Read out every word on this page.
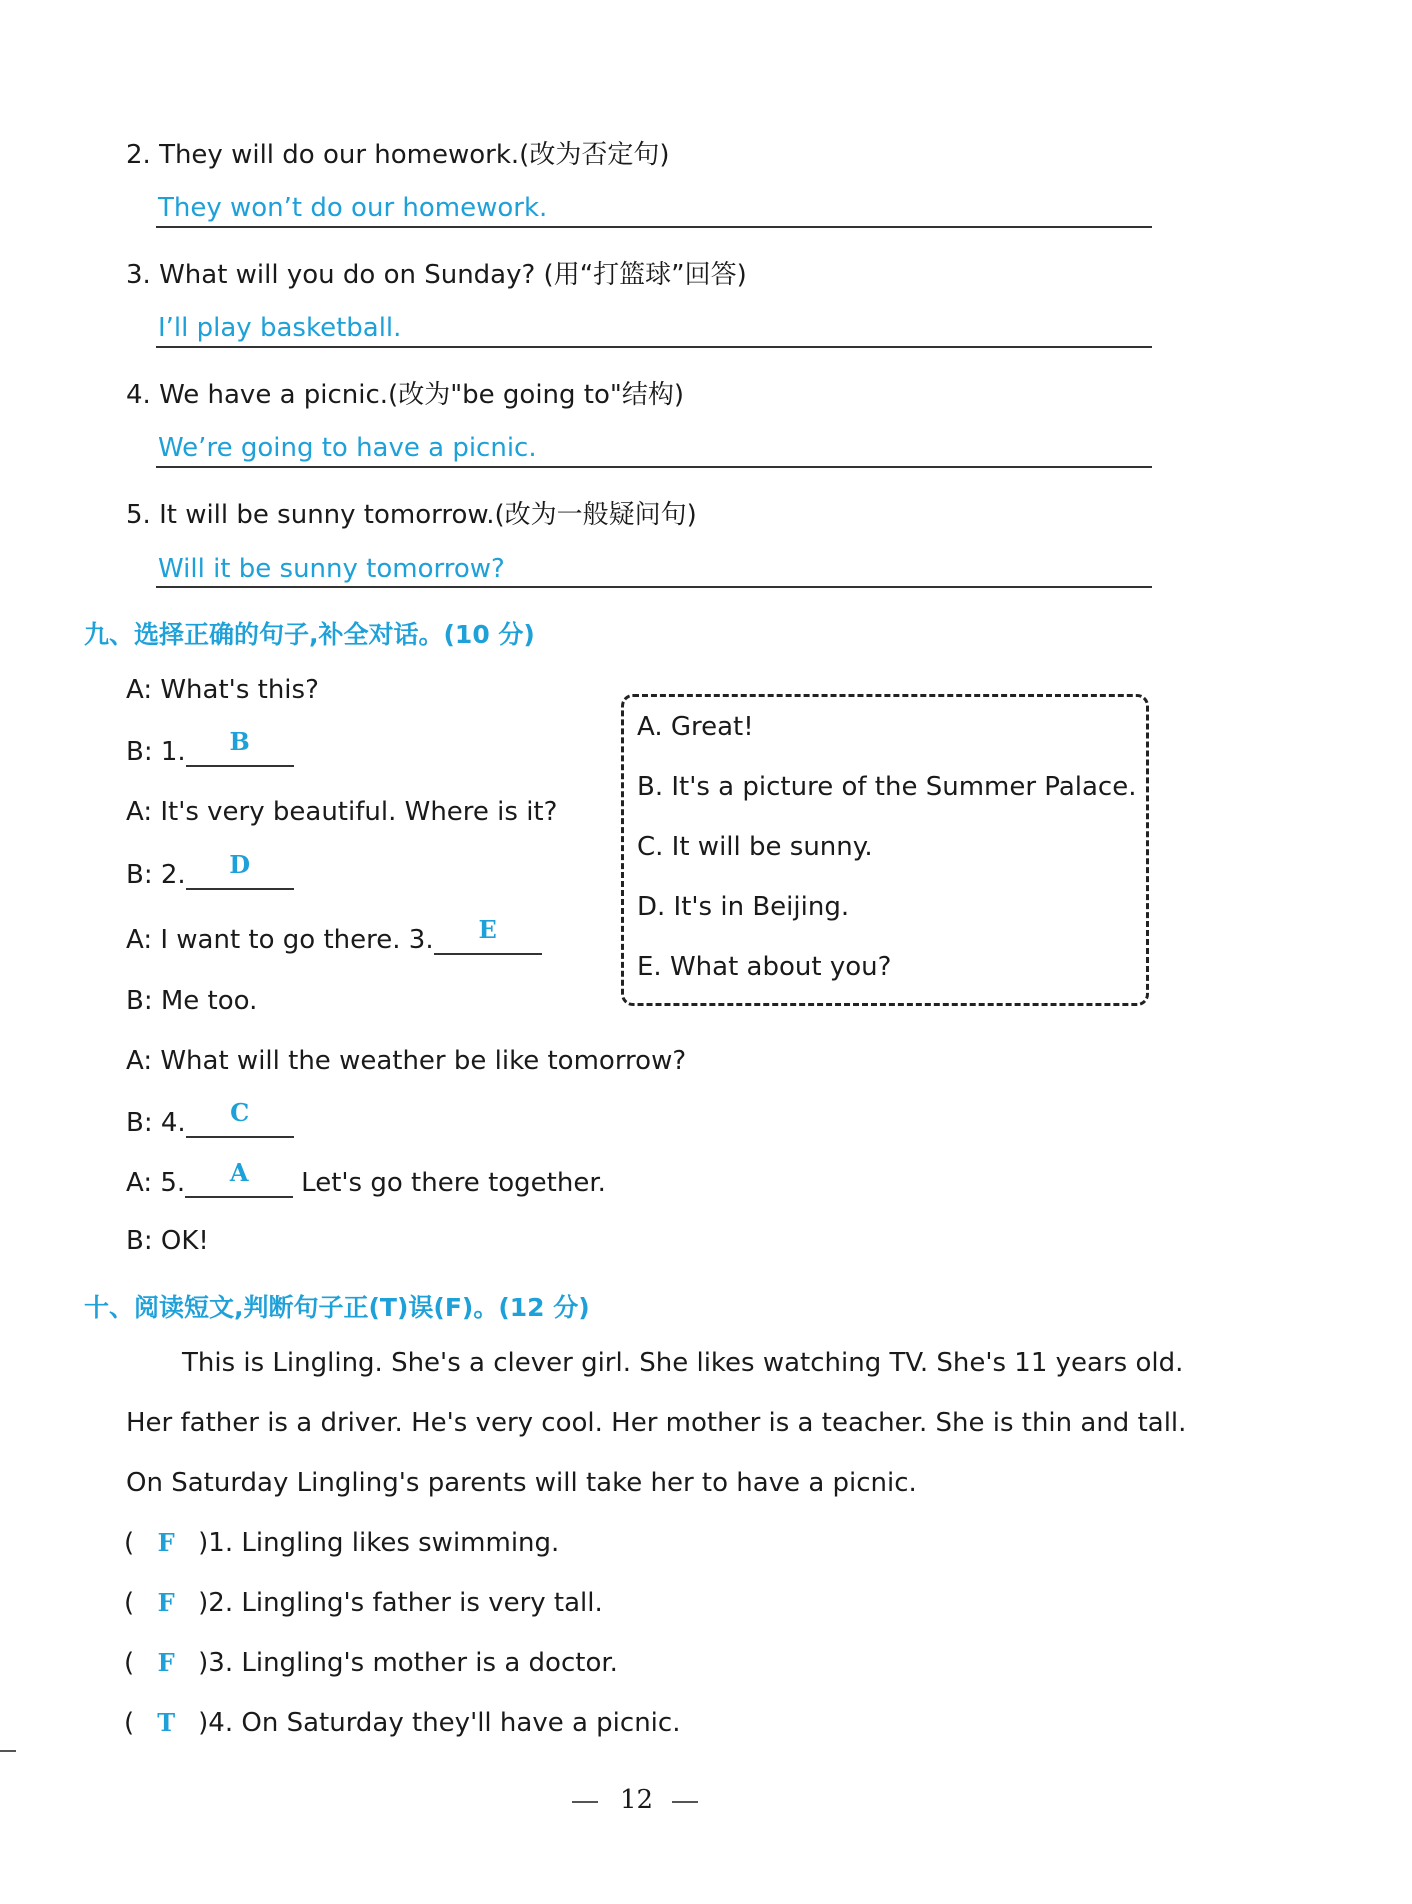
2. They will do our homework.(改为否定句)
They won’t do our homework.
3. What will you do on Sunday? (用“打篮球”回答)
I’ll play basketball.
4. We have a picnic.(改为"be going to"结构)
We’re going to have a picnic.
5. It will be sunny tomorrow.(改为一般疑问句)
Will it be sunny tomorrow?
九、选择正确的句子,补全对话。(10 分)
A: What's this?
B: 1.	B
A: It's very beautiful. Where is it?
B: 2.	D
A: I want to go there. 3.	E
B: Me too.
A: What will the weather be like tomorrow?
B: 4.	C
A: 5.	A	Let's go there together.
B: OK!
A. Great!
B. It's a picture of the Summer Palace.
C. It will be sunny.
D. It's in Beijing.
E. What about you?
十、阅读短文,判断句子正(T)误(F)。(12 分)
This is Lingling. She's a clever girl. She likes watching TV. She's 11 years old.
Her father is a driver. He's very cool. Her mother is a teacher. She is thin and tall.
On Saturday Lingling's parents will take her to have a picnic.
( F )1. Lingling likes swimming.
( F )2. Lingling's father is very tall.
( F )3. Lingling's mother is a doctor.
( T )4. On Saturday they'll have a picnic.
12
